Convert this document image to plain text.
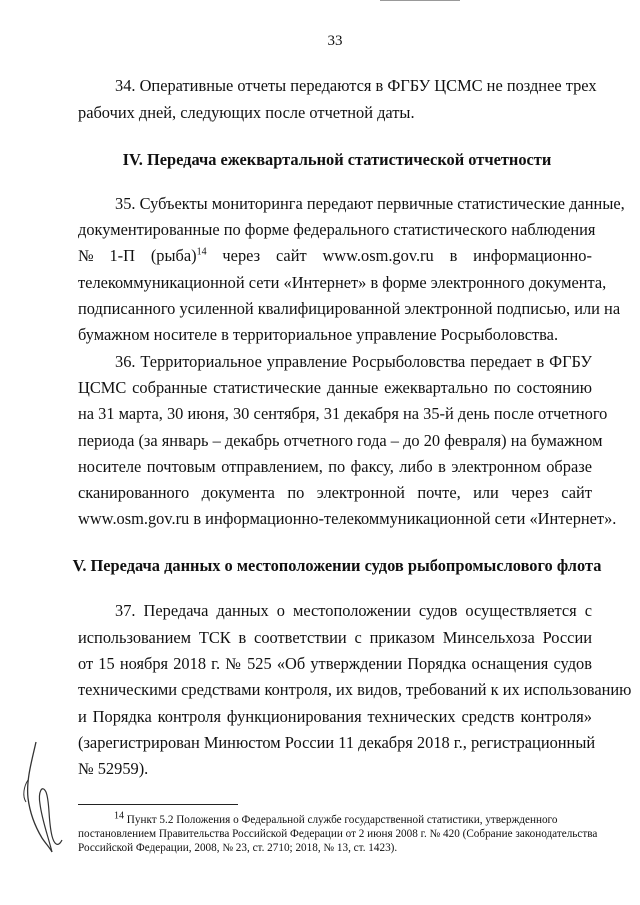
33
34. Оперативные отчеты передаются в ФГБУ ЦСМС не позднее трех
рабочих дней, следующих после отчетной даты.
IV. Передача ежеквартальной статистической отчетности
35. Субъекты мониторинга передают первичные статистические данные,
документированные по форме федерального статистического наблюдения
№ 1-П (рыба)$^{14}$ через сайт www.osm.gov.ru в информационно-
телекоммуникационной сети «Интернет» в форме электронного документа,
подписанного усиленной квалифицированной электронной подписью, или на
бумажном носителе в территориальное управление Росрыболовства.
36. Территориальное управление Росрыболовства передает в ФГБУ
ЦСМС собранные статистические данные ежеквартально по состоянию
на 31 марта, 30 июня, 30 сентября, 31 декабря на 35-й день после отчетного
периода (за январь – декабрь отчетного года – до 20 февраля) на бумажном
носителе почтовым отправлением, по факсу, либо в электронном образе
сканированного документа по электронной почте, или через сайт
www.osm.gov.ru в информационно-телекоммуникационной сети «Интернет».
V. Передача данных о местоположении судов рыбопромыслового флота
37. Передача данных о местоположении судов осуществляется с
использованием ТСК в соответствии с приказом Минсельхоза России
от 15 ноября 2018 г. № 525 «Об утверждении Порядка оснащения судов
техническими средствами контроля, их видов, требований к их использованию
и Порядка контроля функционирования технических средств контроля»
(зарегистрирован Минюстом России 11 декабря 2018 г., регистрационный
№ 52959).
$^{14}$ Пункт 5.2 Положения о Федеральной службе государственной статистики, утвержденного
постановлением Правительства Российской Федерации от 2 июня 2008 г. № 420 (Собрание законодательства
Российской Федерации, 2008, № 23, ст. 2710; 2018, № 13, ст. 1423).
